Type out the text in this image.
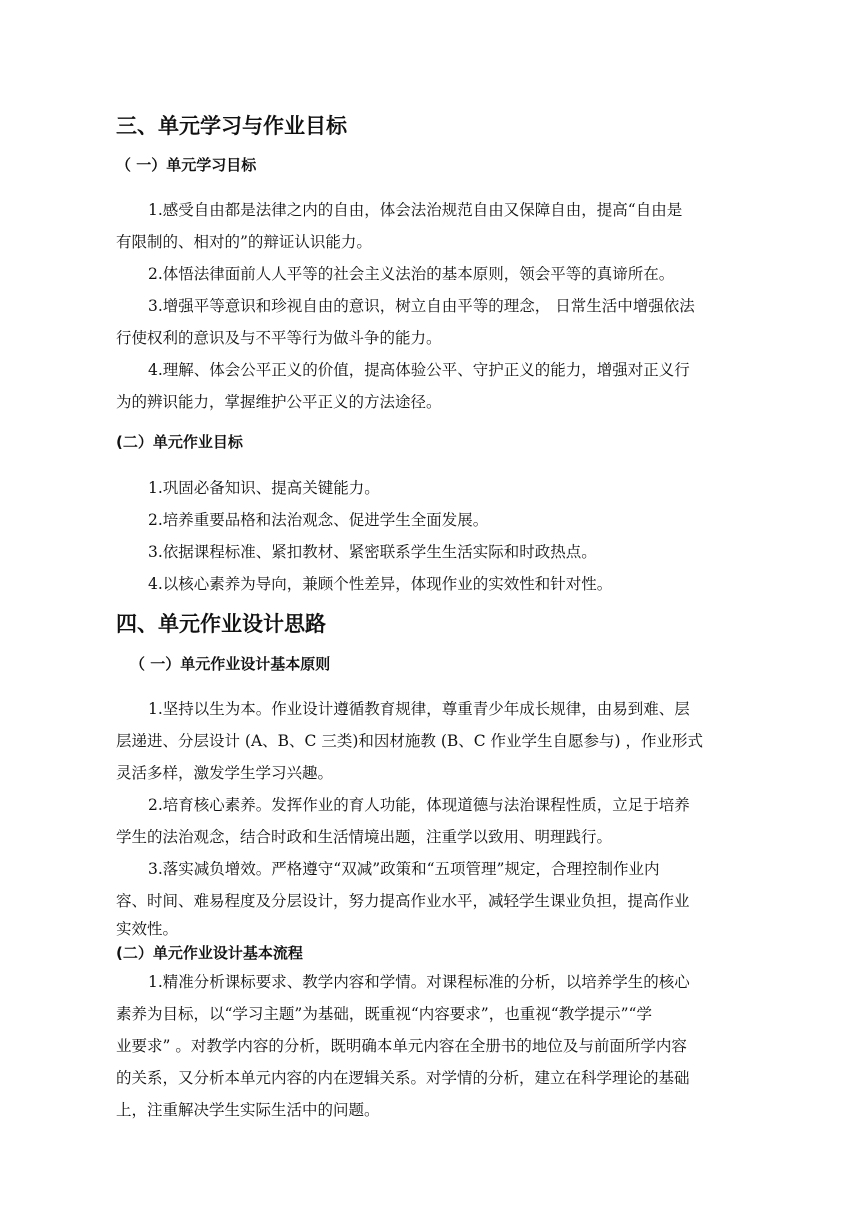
三、单元学习与作业目标
（ 一）单元学习目标
1.感受自由都是法律之内的自由，体会法治规范自由又保障自由，提高“自由是
有限制的、相对的”的辩证认识能力。
2.体悟法律面前人人平等的社会主义法治的基本原则，领会平等的真谛所在。
3.增强平等意识和珍视自由的意识，树立自由平等的理念， 日常生活中增强依法
行使权利的意识及与不平等行为做斗争的能力。
4.理解、体会公平正义的价值，提高体验公平、守护正义的能力，增强对正义行
为的辨识能力，掌握维护公平正义的方法途径。
(二）单元作业目标
1.巩固必备知识、提高关键能力。
2.培养重要品格和法治观念、促进学生全面发展。
3.依据课程标准、紧扣教材、紧密联系学生生活实际和时政热点。
4.以核心素养为导向，兼顾个性差异，体现作业的实效性和针对性。
四、单元作业设计思路
（ 一）单元作业设计基本原则
1.坚持以生为本。作业设计遵循教育规律，尊重青少年成长规律，由易到难、层
层递进、分层设计 (A、B、C 三类)和因材施教 (B、C 作业学生自愿参与) ，作业形式
灵活多样，激发学生学习兴趣。
2.培育核心素养。发挥作业的育人功能，体现道德与法治课程性质，立足于培养
学生的法治观念，结合时政和生活情境出题，注重学以致用、明理践行。
3.落实减负增效。严格遵守“双减”政策和“五项管理”规定，合理控制作业内
容、时间、难易程度及分层设计，努力提高作业水平，减轻学生课业负担，提高作业
实效性。
(二）单元作业设计基本流程
1.精准分析课标要求、教学内容和学情。对课程标准的分析，以培养学生的核心
素养为目标，以“学习主题”为基础，既重视“内容要求”，也重视“教学提示”“学
业要求” 。对教学内容的分析，既明确本单元内容在全册书的地位及与前面所学内容
的关系，又分析本单元内容的内在逻辑关系。对学情的分析，建立在科学理论的基础
上，注重解决学生实际生活中的问题。
